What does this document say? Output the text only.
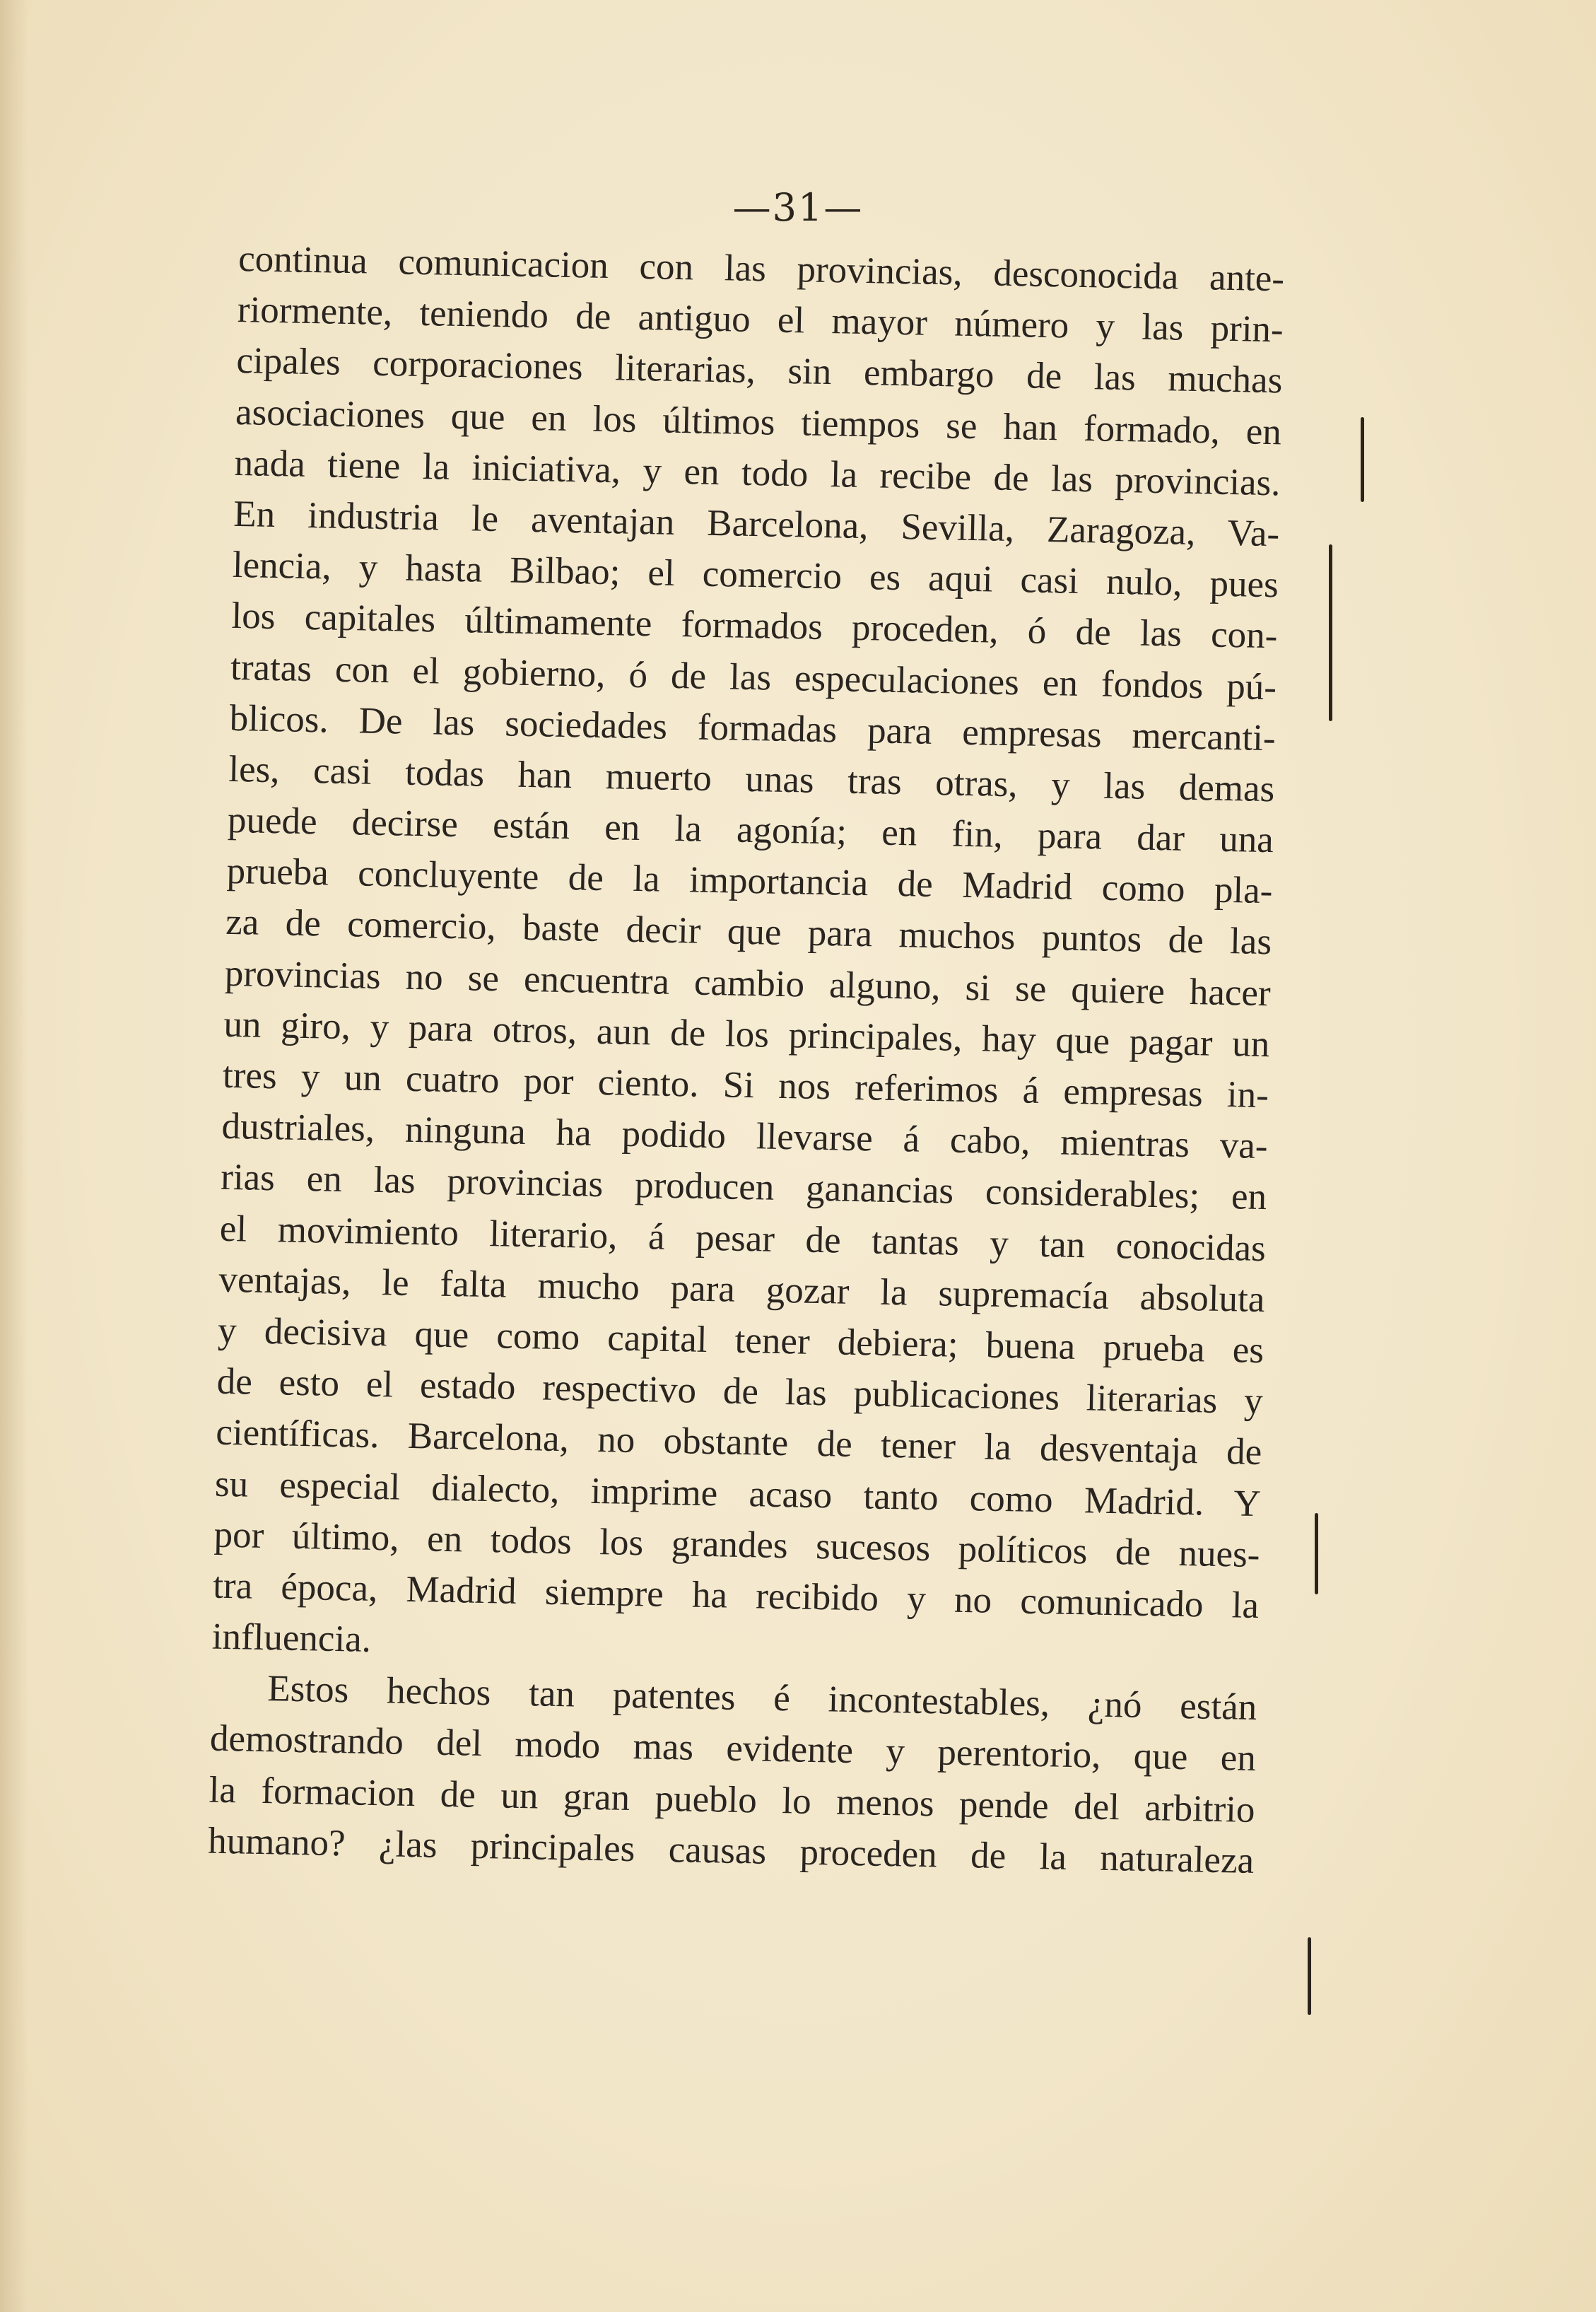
—31—
continua comunicacion con las provincias, desconocida ante-
riormente, teniendo de antiguo el mayor número y las prin-
cipales corporaciones literarias, sin embargo de las muchas
asociaciones que en los últimos tiempos se han formado, en
nada tiene la iniciativa, y en todo la recibe de las provincias.
En industria le aventajan Barcelona, Sevilla, Zaragoza, Va-
lencia, y hasta Bilbao; el comercio es aqui casi nulo, pues
los capitales últimamente formados proceden, ó de las con-
tratas con el gobierno, ó de las especulaciones en fondos pú-
blicos. De las sociedades formadas para empresas mercanti-
les, casi todas han muerto unas tras otras, y las demas
puede decirse están en la agonía; en fin, para dar una
prueba concluyente de la importancia de Madrid como pla-
za de comercio, baste decir que para muchos puntos de las
provincias no se encuentra cambio alguno, si se quiere hacer
un giro, y para otros, aun de los principales, hay que pagar un
tres y un cuatro por ciento. Si nos referimos á empresas in-
dustriales, ninguna ha podido llevarse á cabo, mientras va-
rias en las provincias producen ganancias considerables; en
el movimiento literario, á pesar de tantas y tan conocidas
ventajas, le falta mucho para gozar la supremacía absoluta
y decisiva que como capital tener debiera; buena prueba es
de esto el estado respectivo de las publicaciones literarias y
científicas. Barcelona, no obstante de tener la desventaja de
su especial dialecto, imprime acaso tanto como Madrid. Y
por último, en todos los grandes sucesos políticos de nues-
tra época, Madrid siempre ha recibido y no comunicado la
influencia.
Estos hechos tan patentes é incontestables, ¿nó están
demostrando del modo mas evidente y perentorio, que en
la formacion de un gran pueblo lo menos pende del arbitrio
humano? ¿las principales causas proceden de la naturaleza
